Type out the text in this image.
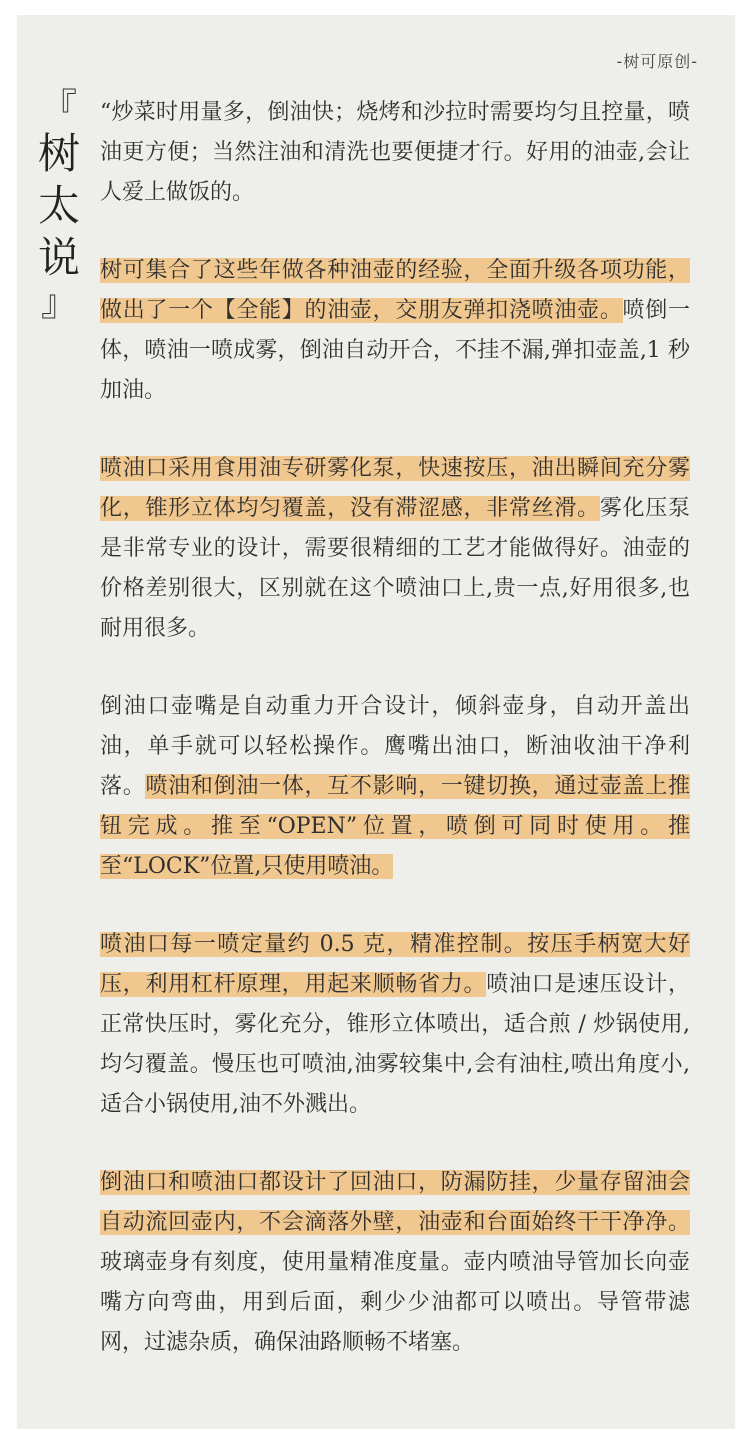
-树可原创-
『
树
太
说
』

“炒菜时用量多，倒油快；烧烤和沙拉时需要均匀且控量，喷油更方便；当然注油和清洗也要便捷才行。好用的油壶,会让人爱上做饭的。

树可集合了这些年做各种油壶的经验，全面升级各项功能，做出了一个【全能】的油壶，交朋友弹扣浇喷油壶。喷倒一体，喷油一喷成雾，倒油自动开合，不挂不漏,弹扣壶盖,1 秒加油。

喷油口采用食用油专研雾化泵，快速按压，油出瞬间充分雾化，锥形立体均匀覆盖，没有滞涩感，非常丝滑。雾化压泵是非常专业的设计，需要很精细的工艺才能做得好。油壶的价格差别很大，区别就在这个喷油口上,贵一点,好用很多,也耐用很多。

倒油口壶嘴是自动重力开合设计，倾斜壶身，自动开盖出油，单手就可以轻松操作。鹰嘴出油口，断油收油干净利落。喷油和倒油一体，互不影响，一键切换，通过壶盖上推钮完成。推至“OPEN”位置，喷倒可同时使用。推至“LOCK”位置,只使用喷油。

喷油口每一喷定量约 0.5 克，精准控制。按压手柄宽大好压，利用杠杆原理，用起来顺畅省力。喷油口是速压设计，正常快压时，雾化充分，锥形立体喷出，适合煎 / 炒锅使用,均匀覆盖。慢压也可喷油,油雾较集中,会有油柱,喷出角度小,适合小锅使用,油不外溅出。

倒油口和喷油口都设计了回油口，防漏防挂，少量存留油会自动流回壶内，不会滴落外壁，油壶和台面始终干干净净。玻璃壶身有刻度，使用量精准度量。壶内喷油导管加长向壶嘴方向弯曲，用到后面，剩少少油都可以喷出。导管带滤网，过滤杂质，确保油路顺畅不堵塞。
